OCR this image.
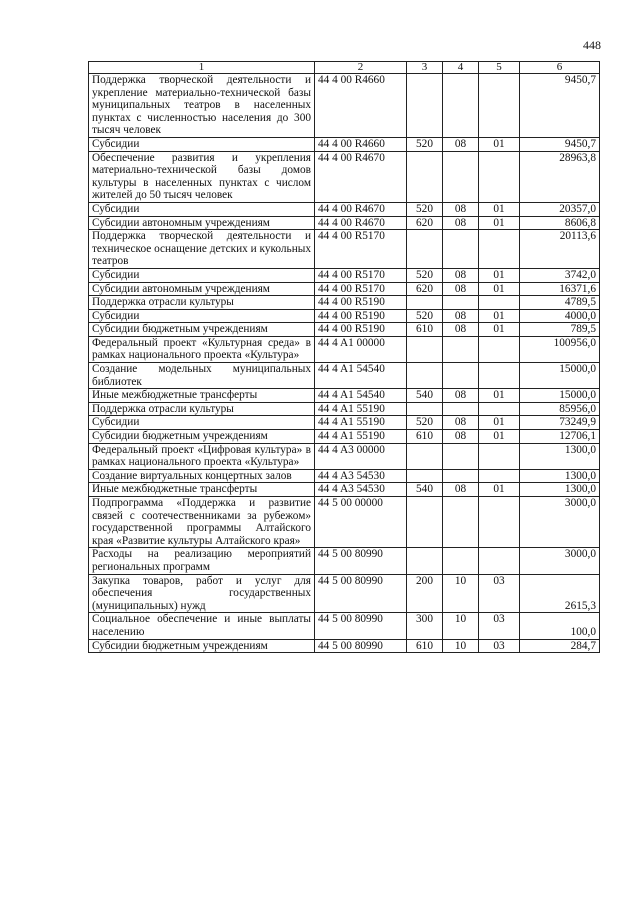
448
1	2	3	4	5	6
Поддержка творческой деятельности и укрепление материально-технической базы муниципальных театров в населенных пунктах с численностью населения до 300 тысяч человек	44 4 00 R4660				9450,7
Субсидии	44 4 00 R4660	520	08	01	9450,7
Обеспечение развития и укрепления материально-технической базы домов культуры в населенных пунктах с числом жителей до 50 тысяч человек	44 4 00 R4670				28963,8
Субсидии	44 4 00 R4670	520	08	01	20357,0
Субсидии автономным учреждениям	44 4 00 R4670	620	08	01	8606,8
Поддержка творческой деятельности и техническое оснащение детских и кукольных театров	44 4 00 R5170				20113,6
Субсидии	44 4 00 R5170	520	08	01	3742,0
Субсидии автономным учреждениям	44 4 00 R5170	620	08	01	16371,6
Поддержка отрасли культуры	44 4 00 R5190				4789,5
Субсидии	44 4 00 R5190	520	08	01	4000,0
Субсидии бюджетным учреждениям	44 4 00 R5190	610	08	01	789,5
Федеральный проект «Культурная среда» в рамках национального проекта «Культура»	44 4 A1 00000				100956,0
Создание модельных муниципальных библиотек	44 4 A1 54540				15000,0
Иные межбюджетные трансферты	44 4 A1 54540	540	08	01	15000,0
Поддержка отрасли культуры	44 4 A1 55190				85956,0
Субсидии	44 4 A1 55190	520	08	01	73249,9
Субсидии бюджетным учреждениям	44 4 A1 55190	610	08	01	12706,1
Федеральный проект «Цифровая культура» в рамках национального проекта «Культура»	44 4 A3 00000				1300,0
Создание виртуальных концертных залов	44 4 A3 54530				1300,0
Иные межбюджетные трансферты	44 4 A3 54530	540	08	01	1300,0
Подпрограмма «Поддержка и развитие связей с соотечественниками за рубежом» государственной программы Алтайского края «Развитие культуры Алтайского края»	44 5 00 00000				3000,0
Расходы на реализацию мероприятий региональных программ	44 5 00 80990				3000,0
Закупка товаров, работ и услуг для обеспечения государственных (муниципальных) нужд	44 5 00 80990	200	10	03	2615,3
Социальное обеспечение и иные выплаты населению	44 5 00 80990	300	10	03	100,0
Субсидии бюджетным учреждениям	44 5 00 80990	610	10	03	284,7
